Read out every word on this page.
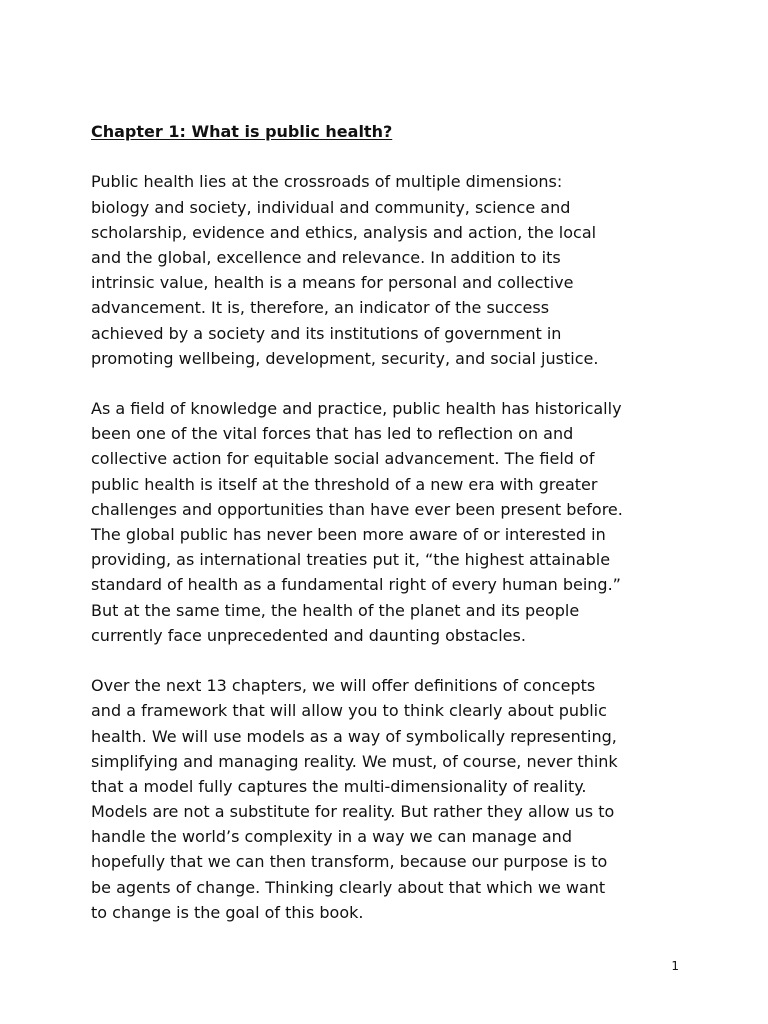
Chapter 1: What is public health?

Public health lies at the crossroads of multiple dimensions:
biology and society, individual and community, science and
scholarship, evidence and ethics, analysis and action, the local
and the global, excellence and relevance. In addition to its
intrinsic value, health is a means for personal and collective
advancement. It is, therefore, an indicator of the success
achieved by a society and its institutions of government in
promoting wellbeing, development, security, and social justice.

As a field of knowledge and practice, public health has historically
been one of the vital forces that has led to reflection on and
collective action for equitable social advancement. The field of
public health is itself at the threshold of a new era with greater
challenges and opportunities than have ever been present before.
The global public has never been more aware of or interested in
providing, as international treaties put it, “the highest attainable
standard of health as a fundamental right of every human being.”
But at the same time, the health of the planet and its people
currently face unprecedented and daunting obstacles.

Over the next 13 chapters, we will offer definitions of concepts
and a framework that will allow you to think clearly about public
health. We will use models as a way of symbolically representing,
simplifying and managing reality. We must, of course, never think
that a model fully captures the multi-dimensionality of reality.
Models are not a substitute for reality. But rather they allow us to
handle the world’s complexity in a way we can manage and
hopefully that we can then transform, because our purpose is to
be agents of change. Thinking clearly about that which we want
to change is the goal of this book.

1
